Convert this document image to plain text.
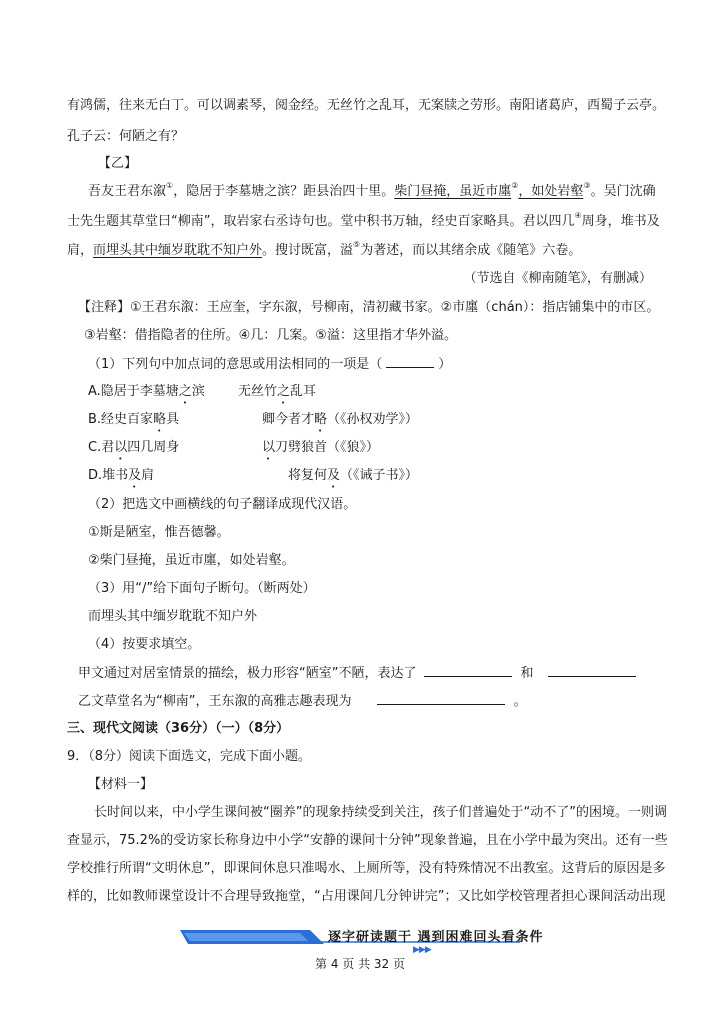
有鸿儒，往来无白丁。可以调素琴，阅金经。无丝竹之乱耳，无案牍之劳形。南阳诸葛庐，西蜀子云亭。
孔子云：何陋之有？
【乙】
吾友王君东溆①，隐居于李墓塘之滨？距县治四十里。柴门昼掩，虽近市廛②，如处岩壑③。吴门沈确
士先生题其草堂曰“柳南”，取岩家右丞诗句也。堂中积书万轴，经史百家略具。君以四几④周身，堆书及
肩，而埋头其中缅岁耽耽不知户外。搜讨既富，溢⑤为著述，而以其绪余成《随笔》六卷。
（节选自《柳南随笔》，有删减）
【注释】①王君东溆：王应奎，字东溆，号柳南，清初藏书家。②市廛（chán）：指店铺集中的市区。
③岩壑：借指隐者的住所。④几：几案。⑤溢：这里指才华外溢。
（1）下列句中加点词的意思或用法相同的一项是（	）
A.隐居于李墓塘之滨	无丝竹之乱耳
B.经史百家略具	卿今者才略（《孙权劝学》）
C.君以四几周身	以刀劈狼首（《狼》）
D.堆书及肩	将复何及（《诫子书》）
（2）把选文中画横线的句子翻译成现代汉语。
①斯是陋室，惟吾德馨。
②柴门昼掩，虽近市廛，如处岩壑。
（3）用“/”给下面句子断句。（断两处）
而埋头其中缅岁耽耽不知户外
（4）按要求填空。
甲文通过对居室情景的描绘，极力形容“陋室”不陋，表达了	和
乙文草堂名为“柳南”，王东溆的高雅志趣表现为	。
三、现代文阅读（36分）（一）（8分）
9．（8分）阅读下面选文，完成下面小题。
【材料一】
长时间以来，中小学生课间被“圈养”的现象持续受到关注，孩子们普遍处于“动不了”的困境。一则调
查显示，75.2%的受访家长称身边中小学“安静的课间十分钟”现象普遍，且在小学中最为突出。还有一些
学校推行所谓“文明休息”，即课间休息只准喝水、上厕所等，没有特殊情况不出教室。这背后的原因是多
样的，比如教师课堂设计不合理导致拖堂，“占用课间几分钟讲完”；又比如学校管理者担心课间活动出现
逐字研读题干 遇到困难回头看条件
▶▶▶
第 4 页 共 32 页
